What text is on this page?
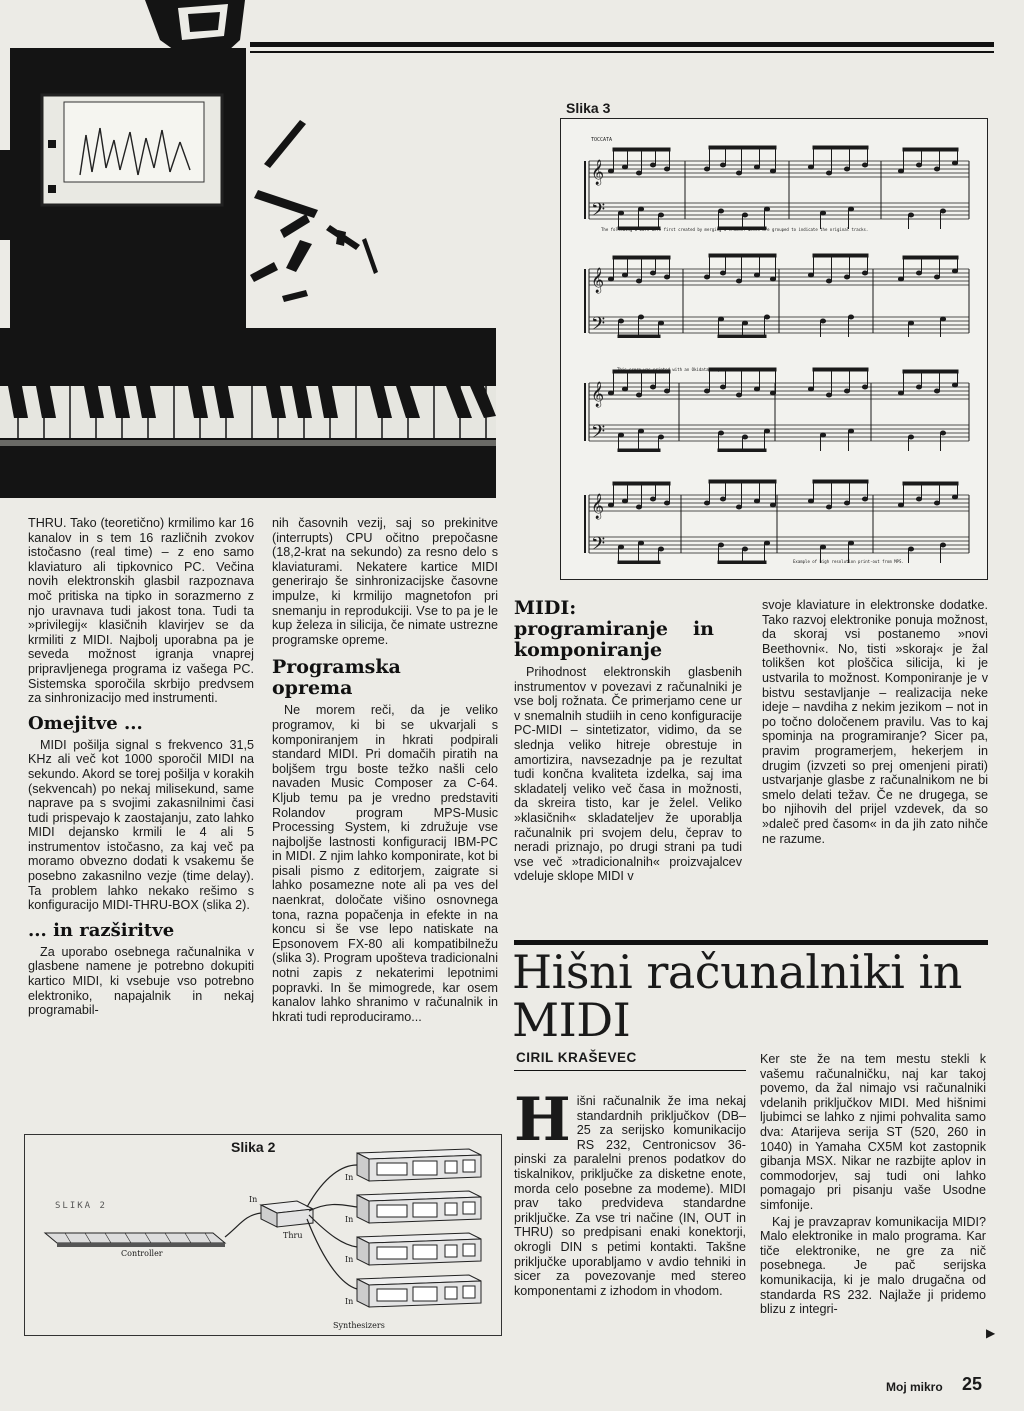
Slika 3
TOCCATA
𝄞
𝄢
𝄞
𝄢
𝄞
𝄢
𝄞
𝄢
The following 8 bars were first created by merging 3 tracks. Notes are grouped to indicate the original tracks.
This score was printed with an Okidata 92 printer.
Example of high resolution print-out from MPS.

THRU. Tako (teoretično) krmilimo kar 16 kanalov in s tem 16 različnih zvokov istočasno (real time) – z eno samo klaviaturo ali tipkovnico PC. Večina novih elektronskih glasbil razpoznava moč pritiska na tipko in sorazmerno z njo uravnava tudi jakost tona. Tudi ta »privilegij« klasičnih klavirjev se da krmiliti z MIDI. Najbolj uporabna pa je seveda možnost igranja vnaprej pripravljenega programa iz vašega PC. Sistemska sporočila skrbijo predvsem za sinhronizacijo med instrumenti.

Omejitve ...

MIDI pošilja signal s frekvenco 31,5 KHz ali več kot 1000 sporočil MIDI na sekundo. Akord se torej pošilja v korakih (sekvencah) po nekaj milisekund, same naprave pa s svojimi zakasnilnimi časi tudi prispevajo k zaostajanju, zato lahko MIDI dejansko krmili le 4 ali 5 instrumentov istočasno, za kaj več pa moramo obvezno dodati k vsakemu še posebno zakasnilno vezje (time delay). Ta problem lahko nekako rešimo s konfiguracijo MIDI-THRU-BOX (slika 2).

... in razširitve

Za uporabo osebnega računalnika v glasbene namene je potrebno dokupiti kartico MIDI, ki vsebuje vso potrebno elektroniko, napajalnik in nekaj programabil-

nih časovnih vezij, saj so prekinitve (interrupts) CPU očitno prepočasne (18,2-krat na sekundo) za resno delo s klaviaturami. Nekatere kartice MIDI generirajo še sinhronizacijske časovne impulze, ki krmilijo magnetofon pri snemanju in reprodukciji. Vse to pa je le kup železa in silicija, če nimate ustrezne programske opreme.

Programska oprema

Ne morem reči, da je veliko programov, ki bi se ukvarjali s komponiranjem in hkrati podpirali standard MIDI. Pri domačih piratih na boljšem trgu boste težko našli celo navaden Music Composer za C-64. Kljub temu pa je vredno predstaviti Rolandov program MPS-Music Processing System, ki združuje vse najboljše lastnosti konfiguracij IBM-PC in MIDI. Z njim lahko komponirate, kot bi pisali pismo z editorjem, zaigrate si lahko posamezne note ali pa ves del naenkrat, določate višino osnovnega tona, razna popačenja in efekte in na koncu si še vse lepo natiskate na Epsonovem FX-80 ali kompatibilnežu (slika 3). Program upošteva tradicionalni notni zapis z nekaterimi lepotnimi popravki. In še mimogrede, kar osem kanalov lahko shranimo v računalnik in hkrati tudi reproduciramo...

MIDI: programiranje in komponiranje

Prihodnost elektronskih glasbenih instrumentov v povezavi z računalniki je vse bolj rožnata. Če primerjamo cene ur v snemalnih studiih in ceno konfiguracije PC-MIDI – sintetizator, vidimo, da se slednja veliko hitreje obrestuje in amortizira, navsezadnje pa je rezultat tudi končna kvaliteta izdelka, saj ima skladatelj veliko več časa in možnosti, da skreira tisto, kar je želel. Veliko »klasičnih« skladateljev že uporablja računalnik pri svojem delu, čeprav to neradi priznajo, po drugi strani pa tudi vse več »tradicionalnih« proizvajalcev vdeluje sklope MIDI v

svoje klaviature in elektronske dodatke. Tako razvoj elektronike ponuja možnost, da skoraj vsi postanemo »novi Beethovni«. No, tisti »skoraj« je žal tolikšen kot ploščica silicija, ki je ustvarila to možnost. Komponiranje je v bistvu sestavljanje – realizacija neke ideje – navdiha z nekim jezikom – not in po točno določenem pravilu. Vas to kaj spominja na programiranje? Sicer pa, pravim programerjem, hekerjem in drugim (izvzeti so prej omenjeni pirati) ustvarjanje glasbe z računalnikom ne bi smelo delati težav. Če ne drugega, se bo njihovih del prijel vzdevek, da so »daleč pred časom« in da jih zato nihče ne razume.

Hišni računalniki in MIDI
CIRIL KRAŠEVEC
H išni računalnik že ima nekaj standardnih priključkov (DB–25 za serijsko komunikacijo RS 232, Centronicsov 36-pinski za paralelni prenos podatkov do tiskalnikov, priključke za disketne enote, morda celo posebne za modeme). MIDI prav tako predvideva standardne priključke. Za vse tri načine (IN, OUT in THRU) so predpisani enaki konektorji, okrogli DIN s petimi kontakti. Takšne priključke uporabljamo v avdio tehniki in sicer za povezovanje med stereo komponentami z izhodom in vhodom.

Ker ste že na tem mestu stekli k vašemu računalničku, naj kar takoj povemo, da žal nimajo vsi računalniki vdelanih priključkov MIDI. Med hišnimi ljubimci se lahko z njimi pohvalita samo dva: Atarijeva serija ST (520, 260 in 1040) in Yamaha CX5M kot zastopnik gibanja MSX. Nikar ne razbijte aplov in commodorjev, saj tudi oni lahko pomagajo pri pisanju vaše Usodne simfonije.

Kaj je pravzaprav komunikacija MIDI? Malo elektronike in malo programa. Kar tiče elektronike, ne gre za nič posebnega. Je pač serijska komunikacija, ki je malo drugačna od standarda RS 232. Najlaže ji pridemo blizu z integri-

▶
Slika 2
SLIKA 2
Controller
In
Thru
In
In
In
In
Synthesizers
Moj mikro 25
